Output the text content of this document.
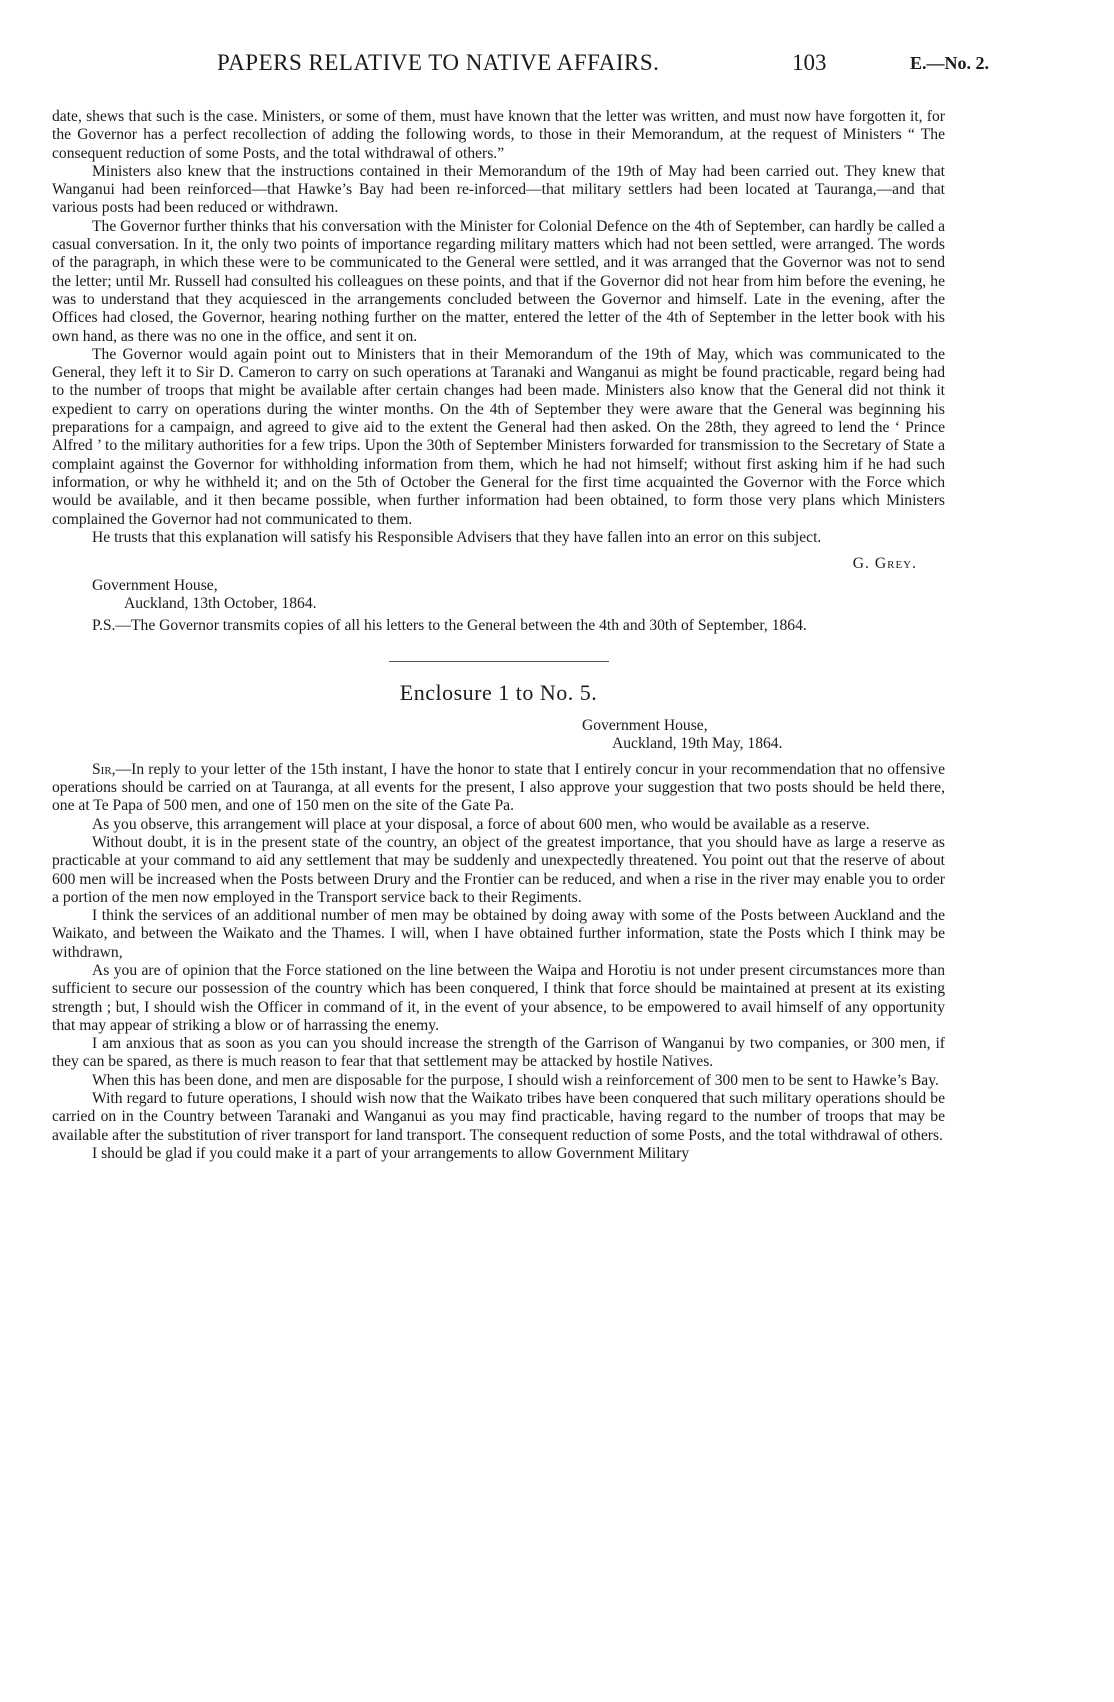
PAPERS RELATIVE TO NATIVE AFFAIRS.	103	E.—No. 2.

date, shews that such is the case. Ministers, or some of them, must have known that the letter was written, and must now have forgotten it, for the Governor has a perfect recollection of adding the following words, to those in their Memorandum, at the request of Ministers “ The consequent reduction of some Posts, and the total withdrawal of others.”

Ministers also knew that the instructions contained in their Memorandum of the 19th of May had been carried out. They knew that Wanganui had been reinforced—that Hawke’s Bay had been re-inforced—that military settlers had been located at Tauranga,—and that various posts had been reduced or withdrawn.

The Governor further thinks that his conversation with the Minister for Colonial Defence on the 4th of September, can hardly be called a casual conversation. In it, the only two points of importance regarding military matters which had not been settled, were arranged. The words of the paragraph, in which these were to be communicated to the General were settled, and it was arranged that the Governor was not to send the letter; until Mr. Russell had consulted his colleagues on these points, and that if the Governor did not hear from him before the evening, he was to understand that they acquiesced in the arrangements concluded between the Governor and himself. Late in the evening, after the Offices had closed, the Governor, hearing nothing further on the matter, entered the letter of the 4th of September in the letter book with his own hand, as there was no one in the office, and sent it on.

The Governor would again point out to Ministers that in their Memorandum of the 19th of May, which was communicated to the General, they left it to Sir D. Cameron to carry on such operations at Taranaki and Wanganui as might be found practicable, regard being had to the number of troops that might be available after certain changes had been made. Ministers also know that the General did not think it expedient to carry on operations during the winter months. On the 4th of September they were aware that the General was beginning his preparations for a campaign, and agreed to give aid to the extent the General had then asked. On the 28th, they agreed to lend the ‘ Prince Alfred ’ to the military authorities for a few trips. Upon the 30th of September Ministers forwarded for transmission to the Secretary of State a complaint against the Governor for withholding information from them, which he had not himself; without first asking him if he had such information, or why he withheld it; and on the 5th of October the General for the first time acquainted the Governor with the Force which would be available, and it then became possible, when further information had been obtained, to form those very plans which Ministers complained the Governor had not communicated to them.

He trusts that this explanation will satisfy his Responsible Advisers that they have fallen into an error on this subject.

G. Grey.
Government House,
Auckland, 13th October, 1864.

P.S.—The Governor transmits copies of all his letters to the General between the 4th and 30th of September, 1864.

Enclosure 1 to No. 5.
Government House,
Auckland, 19th May, 1864.

Sir,—In reply to your letter of the 15th instant, I have the honor to state that I entirely concur in your recommendation that no offensive operations should be carried on at Tauranga, at all events for the present, I also approve your suggestion that two posts should be held there, one at Te Papa of 500 men, and one of 150 men on the site of the Gate Pa.

As you observe, this arrangement will place at your disposal, a force of about 600 men, who would be available as a reserve.

Without doubt, it is in the present state of the country, an object of the greatest importance, that you should have as large a reserve as practicable at your command to aid any settlement that may be suddenly and unexpectedly threatened. You point out that the reserve of about 600 men will be increased when the Posts between Drury and the Frontier can be reduced, and when a rise in the river may enable you to order a portion of the men now employed in the Transport service back to their Regiments.

I think the services of an additional number of men may be obtained by doing away with some of the Posts between Auckland and the Waikato, and between the Waikato and the Thames. I will, when I have obtained further information, state the Posts which I think may be withdrawn,

As you are of opinion that the Force stationed on the line between the Waipa and Horotiu is not under present circumstances more than sufficient to secure our possession of the country which has been conquered, I think that force should be maintained at present at its existing strength ; but, I should wish the Officer in command of it, in the event of your absence, to be empowered to avail himself of any opportunity that may appear of striking a blow or of harrassing the enemy.

I am anxious that as soon as you can you should increase the strength of the Garrison of Wanganui by two companies, or 300 men, if they can be spared, as there is much reason to fear that that settlement may be attacked by hostile Natives.

When this has been done, and men are disposable for the purpose, I should wish a reinforcement of 300 men to be sent to Hawke’s Bay.

With regard to future operations, I should wish now that the Waikato tribes have been conquered that such military operations should be carried on in the Country between Taranaki and Wanganui as you may find practicable, having regard to the number of troops that may be available after the substitution of river transport for land transport. The consequent reduction of some Posts, and the total withdrawal of others.

I should be glad if you could make it a part of your arrangements to allow Government Military
